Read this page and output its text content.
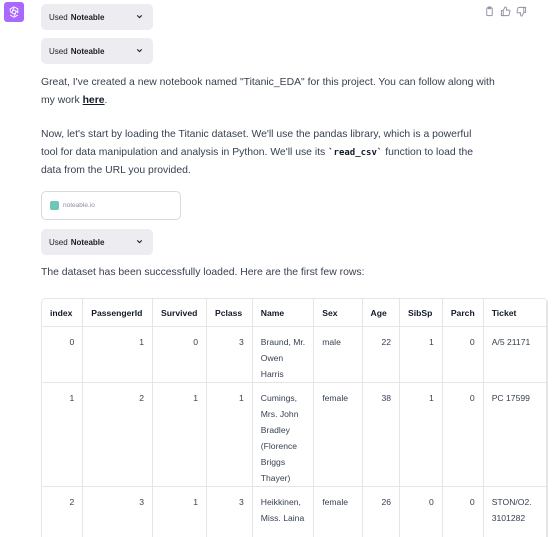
Used Noteable
Used Noteable

Great, I've created a new notebook named "Titanic_EDA" for this project. You can follow along with my work here.

Now, let's start by loading the Titanic dataset. We'll use the pandas library, which is a powerful tool for data manipulation and analysis in Python. We'll use its `read_csv` function to load the data from the URL you provided.

noteable.io
Used Noteable

The dataset has been successfully loaded. Here are the first few rows:

index	PassengerId	Survived	Pclass	Name	Sex	Age	SibSp	Parch	Ticket
0	1	0	3	Braund, Mr. Owen Harris	male	22	1	0	A/5 21171
1	2	1	1	Cumings, Mrs. John Bradley (Florence Briggs Thayer)	female	38	1	0	PC 17599
2	3	1	3	Heikkinen, Miss. Laina	female	26	0	0	STON/O2. 3101282
